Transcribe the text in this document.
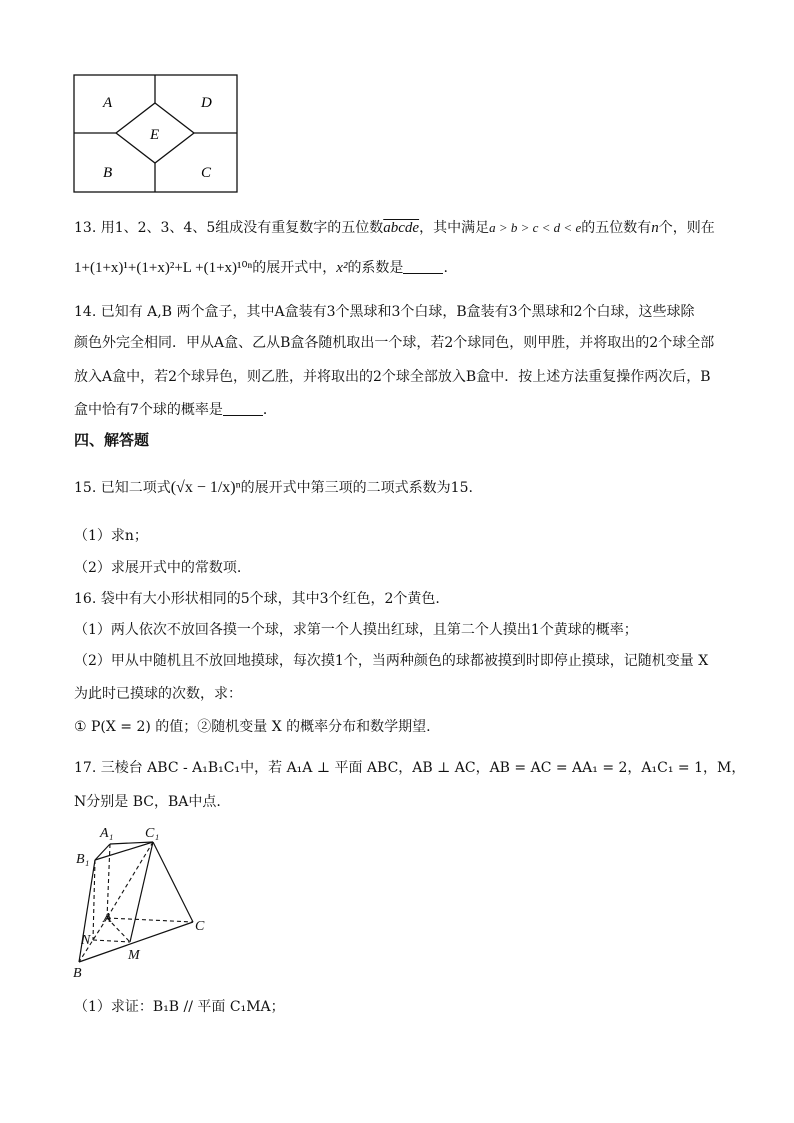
A	D
E
B	C
13. 用1、2、3、4、5组成没有重复数字的五位数abcde，其中满足a > b > c < d < e的五位数有n个，则在
1+(1+x)¹+(1+x)²+L +(1+x)¹⁰ⁿ的展开式中，x²的系数是	.
14. 已知有 A,B 两个盒子，其中A盒装有3个黑球和3个白球，B盒装有3个黑球和2个白球，这些球除
颜色外完全相同．甲从A盒、乙从B盒各随机取出一个球，若2个球同色，则甲胜，并将取出的2个球全部
放入A盒中，若2个球异色，则乙胜，并将取出的2个球全部放入B盒中．按上述方法重复操作两次后，B
盒中恰有7个球的概率是	．
四、解答题
15. 已知二项式(√x − 1/x)ⁿ的展开式中第三项的二项式系数为15.
（1）求n；
（2）求展开式中的常数项.
16. 袋中有大小形状相同的5个球，其中3个红色，2个黄色.
（1）两人依次不放回各摸一个球，求第一个人摸出红球，且第二个人摸出1个黄球的概率；
（2）甲从中随机且不放回地摸球，每次摸1个，当两种颜色的球都被摸到时即停止摸球，记随机变量 X
为此时已摸球的次数，求：
① P(X = 2) 的值；②随机变量 X 的概率分布和数学期望.
17. 三棱台 ABC - A₁B₁C₁中，若 A₁A ⊥ 平面 ABC，AB ⊥ AC，AB = AC = AA₁ = 2，A₁C₁ = 1，M，
N分别是 BC，BA中点.
A₁ C₁
B₁
A
C
N
M
B
（1）求证：B₁B // 平面 C₁MA；
